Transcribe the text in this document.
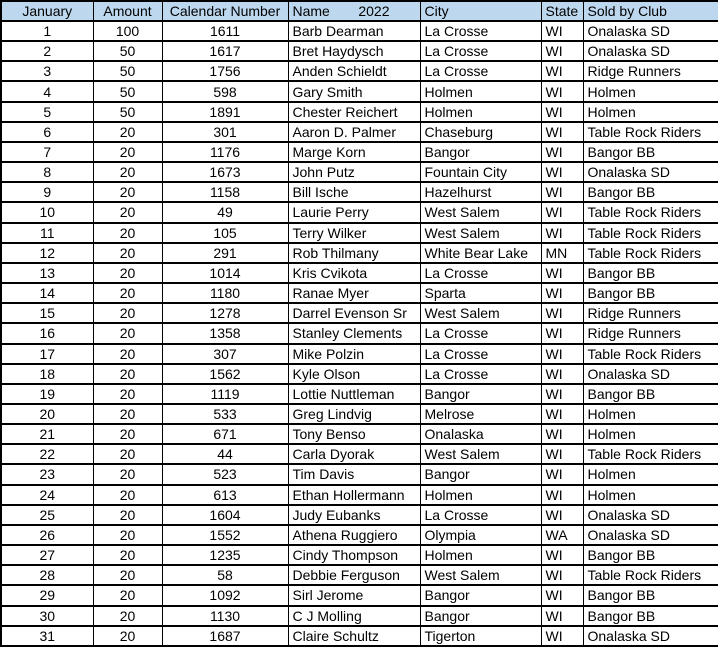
January	Amount	Calendar Number	Name 2022	City	State	Sold by Club
1	100	1611	Barb Dearman	La Crosse	WI	Onalaska SD
2	50	1617	Bret Haydysch	La Crosse	WI	Onalaska SD
3	50	1756	Anden Schieldt	La Crosse	WI	Ridge Runners
4	50	598	Gary Smith	Holmen	WI	Holmen
5	50	1891	Chester Reichert	Holmen	WI	Holmen
6	20	301	Aaron D. Palmer	Chaseburg	WI	Table Rock Riders
7	20	1176	Marge Korn	Bangor	WI	Bangor BB
8	20	1673	John Putz	Fountain City	WI	Onalaska SD
9	20	1158	Bill Ische	Hazelhurst	WI	Bangor BB
10	20	49	Laurie Perry	West Salem	WI	Table Rock Riders
11	20	105	Terry Wilker	West Salem	WI	Table Rock Riders
12	20	291	Rob Thilmany	White Bear Lake	MN	Table Rock Riders
13	20	1014	Kris Cvikota	La Crosse	WI	Bangor BB
14	20	1180	Ranae Myer	Sparta	WI	Bangor BB
15	20	1278	Darrel Evenson Sr	West Salem	WI	Ridge Runners
16	20	1358	Stanley Clements	La Crosse	WI	Ridge Runners
17	20	307	Mike Polzin	La Crosse	WI	Table Rock Riders
18	20	1562	Kyle Olson	La Crosse	WI	Onalaska SD
19	20	1119	Lottie Nuttleman	Bangor	WI	Bangor BB
20	20	533	Greg Lindvig	Melrose	WI	Holmen
21	20	671	Tony Benso	Onalaska	WI	Holmen
22	20	44	Carla Dyorak	West Salem	WI	Table Rock Riders
23	20	523	Tim Davis	Bangor	WI	Holmen
24	20	613	Ethan Hollermann	Holmen	WI	Holmen
25	20	1604	Judy Eubanks	La Crosse	WI	Onalaska SD
26	20	1552	Athena Ruggiero	Olympia	WA	Onalaska SD
27	20	1235	Cindy Thompson	Holmen	WI	Bangor BB
28	20	58	Debbie Ferguson	West Salem	WI	Table Rock Riders
29	20	1092	Sirl Jerome	Bangor	WI	Bangor BB
30	20	1130	C J Molling	Bangor	WI	Bangor BB
31	20	1687	Claire Schultz	Tigerton	WI	Onalaska SD
